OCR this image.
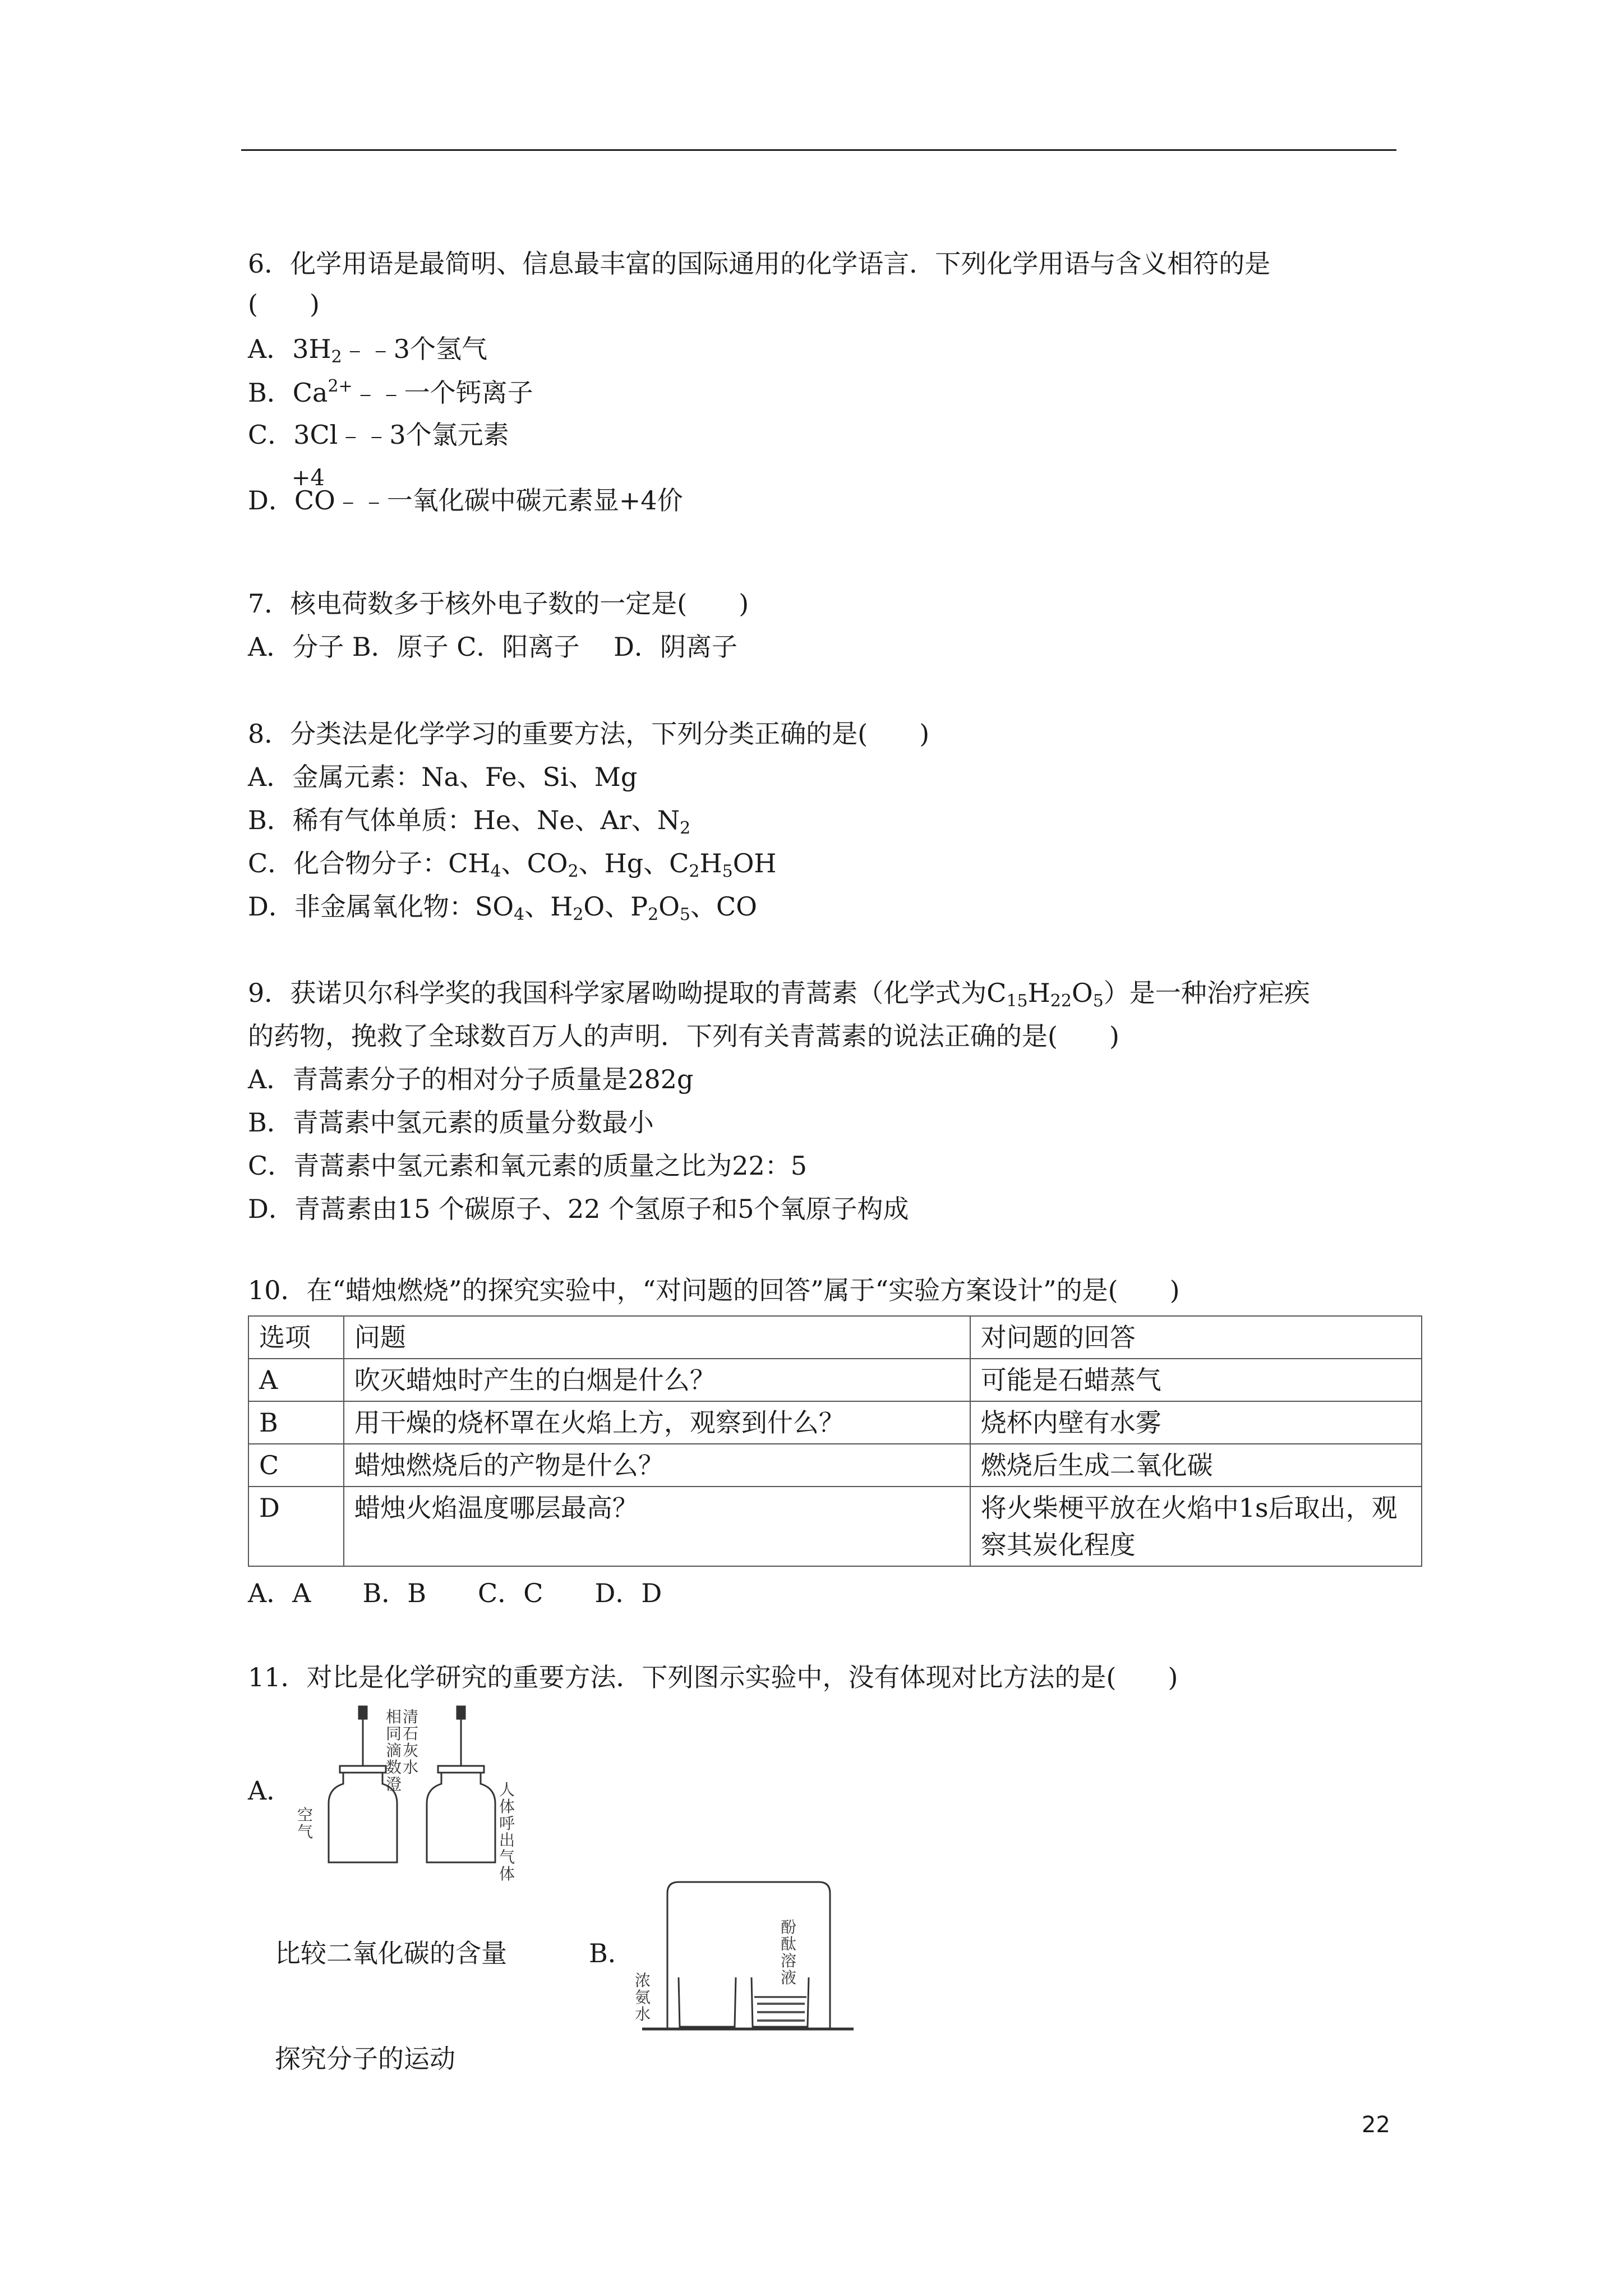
6．化学用语是最简明、信息最丰富的国际通用的化学语言．下列化学用语与含义相符的是
(　　)
A．$3H_2﹣﹣3$个氢气
B．$Ca^{2+}﹣﹣$一个钙离子
C．3Cl﹣﹣3个氯元素
+4
D．CO﹣﹣一氧化碳中碳元素显+4价
7．核电荷数多于核外电子数的一定是(　　)
A．分子 B．原子 C．阳离子　 D．阴离子
8．分类法是化学学习的重要方法，下列分类正确的是(　　)
A．金属元素：Na、Fe、Si、Mg
B．稀有气体单质：He、Ne、Ar、$N_2$
C．化合物分子：$CH_4$、$CO_2$、Hg、$C_2H_5OH$
D．非金属氧化物：$SO_4$、$H_2O$、$P_2O_5$、CO
9．获诺贝尔科学奖的我国科学家屠呦呦提取的青蒿素（化学式为$C_{15}H_{22}O_5$）是一种治疗疟疾
的药物，挽救了全球数百万人的声明．下列有关青蒿素的说法正确的是(　　)
A．青蒿素分子的相对分子质量是282g
B．青蒿素中氢元素的质量分数最小
C．青蒿素中氢元素和氧元素的质量之比为22：5
D．青蒿素由15 个碳原子、22 个氢原子和5个氧原子构成
10．在“蜡烛燃烧”的探究实验中，“对问题的回答”属于“实验方案设计”的是(　　)
选项	问题	对问题的回答
A	吹灭蜡烛时产生的白烟是什么？	可能是石蜡蒸气
B	用干燥的烧杯罩在火焰上方，观察到什么？	烧杯内壁有水雾
C	蜡烛燃烧后的产物是什么？	燃烧后生成二氧化碳
D	蜡烛火焰温度哪层最高？	将火柴梗平放在火焰中1s后取出，观察其炭化程度
A．A　　B．B　　C．C　　D．D
11．对比是化学研究的重要方法．下列图示实验中，没有体现对比方法的是(　　)
A．
相同滴数澄清石灰水
空气
人体呼出气体
比较二氧化碳的含量	B．
浓氨水
酚酞溶液
探究分子的运动
22
